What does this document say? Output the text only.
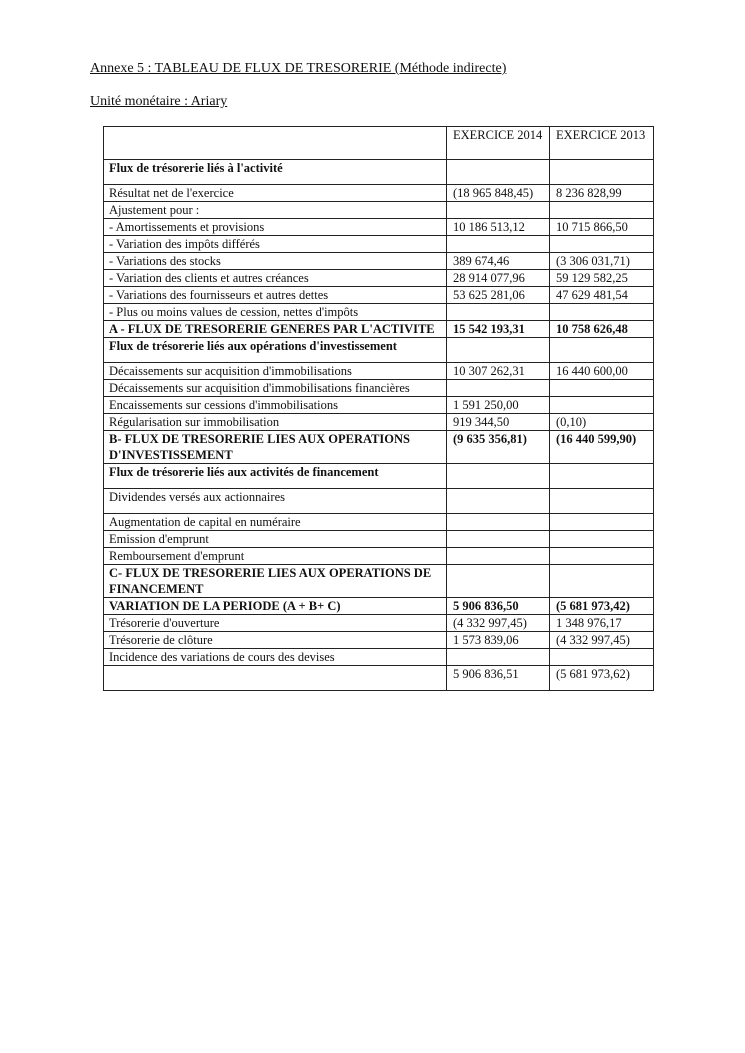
Annexe 5 : TABLEAU DE FLUX DE TRESORERIE (Méthode indirecte)
Unité monétaire : Ariary
	EXERCICE 2014	EXERCICE 2013
Flux de trésorerie liés à l'activité		
Résultat net de l'exercice	(18 965 848,45)	8 236 828,99
Ajustement pour :		
- Amortissements et provisions	10 186 513,12	10 715 866,50
- Variation des impôts différés		
- Variations des stocks	389 674,46	(3 306 031,71)
- Variation des clients et autres créances	28 914 077,96	59 129 582,25
- Variations des fournisseurs et autres dettes	53 625 281,06	47 629 481,54
- Plus ou moins values de cession, nettes d'impôts		
A - FLUX DE TRESORERIE GENERES PAR L'ACTIVITE	15 542 193,31	10 758 626,48
Flux de trésorerie liés aux opérations d'investissement		
Décaissements sur acquisition d'immobilisations	10 307 262,31	16 440 600,00
Décaissements sur acquisition d'immobilisations financières		
Encaissements sur cessions d'immobilisations	1 591 250,00	
Régularisation sur immobilisation	919 344,50	(0,10)
B- FLUX DE TRESORERIE LIES AUX OPERATIONS D'INVESTISSEMENT	(9 635 356,81)	(16 440 599,90)
Flux de trésorerie liés aux activités de financement		
Dividendes versés aux actionnaires		
Augmentation de capital en numéraire		
Emission d'emprunt		
Remboursement d'emprunt		
C- FLUX DE TRESORERIE LIES AUX OPERATIONS DE FINANCEMENT		
VARIATION DE LA PERIODE (A + B+ C)	5 906 836,50	(5 681 973,42)
Trésorerie d'ouverture	(4 332 997,45)	1 348 976,17
Trésorerie de clôture	1 573 839,06	(4 332 997,45)
Incidence des variations de cours des devises		
	5 906 836,51	(5 681 973,62)
